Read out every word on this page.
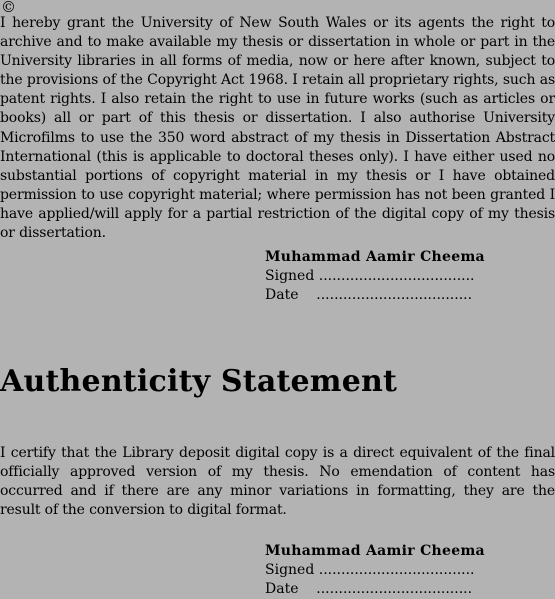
©
I hereby grant the University of New South Wales or its agents the right to archive and to make available my thesis or dissertation in whole or part in the University libraries in all forms of media, now or here after known, subject to the provisions of the Copyright Act 1968. I retain all proprietary rights, such as patent rights. I also retain the right to use in future works (such as articles or books) all or part of this thesis or dissertation. I also authorise University Microfilms to use the 350 word abstract of my thesis in Dissertation Abstract International (this is applicable to doctoral theses only). I have either used no substantial portions of copyright material in my thesis or I have obtained permission to use copyright material; where permission has not been granted I have applied/will apply for a partial restriction of the digital copy of my thesis or dissertation.
Muhammad Aamir Cheema
Signed ...................................
Date    ...................................
Authenticity Statement
I certify that the Library deposit digital copy is a direct equivalent of the final officially approved version of my thesis. No emendation of content has occurred and if there are any minor variations in formatting, they are the result of the conversion to digital format.
Muhammad Aamir Cheema
Signed ...................................
Date    ...................................
